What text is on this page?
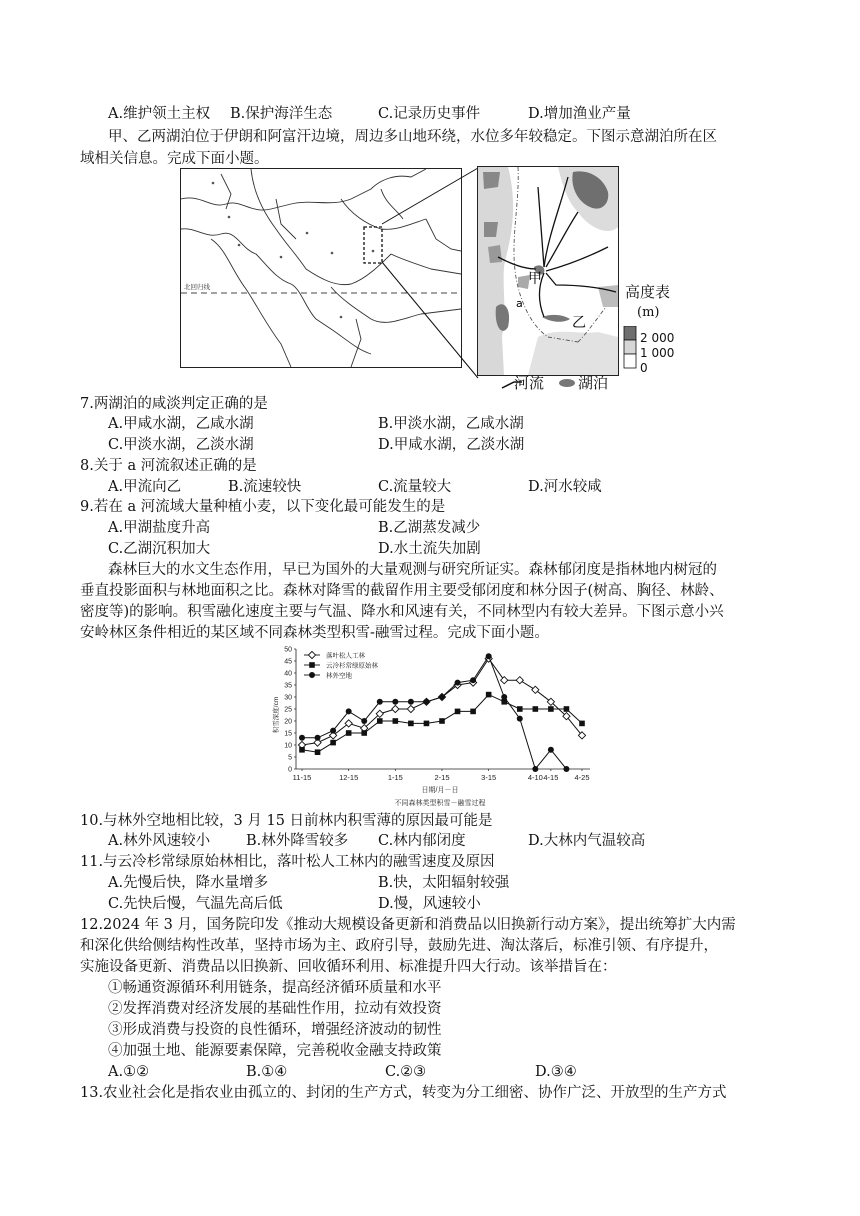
A.维护领土主权 B.保护海洋生态	C.记录历史事件	D.增加渔业产量
甲、乙两湖泊位于伊朗和阿富汗边境，周边多山地环绕，水位多年较稳定。下图示意湖泊所在区
域相关信息。完成下面小题。
北回归线	甲
乙
a
高度表
(m)
2 000
1 000
0
河流 湖泊
7.两湖泊的咸淡判定正确的是
A.甲咸水湖，乙咸水湖	B.甲淡水湖，乙咸水湖
C.甲淡水湖，乙淡水湖	D.甲咸水湖，乙淡水湖
8.关于 a 河流叙述正确的是
A.甲流向乙	B.流速较快	C.流量较大	D.河水较咸
9.若在 a 河流域大量种植小麦，以下变化最可能发生的是
A.甲湖盐度升高	B.乙湖蒸发减少
C.乙湖沉积加大	D.水土流失加剧
森林巨大的水文生态作用，早已为国外的大量观测与研究所证实。森林郁闭度是指林地内树冠的
垂直投影面积与林地面积之比。森林对降雪的截留作用主要受郁闭度和林分因子(树高、胸径、林龄、
密度等)的影响。积雪融化速度主要与气温、降水和风速有关，不同林型内有较大差异。下图示意小兴
安岭林区条件相近的某区域不同森林类型积雪-融雪过程。完成下面小题。
0
5
10
15
20
25
30
35
40
45
50
11-15	12-15	1-15	2-15	3-15	4-10 4-15 4-25
积雪深度/cm
日期/月－日
不同森林类型积雪－融雪过程
落叶松人工林
云冷杉常绿原始林
林外空地
10.与林外空地相比较，3 月 15 日前林内积雪薄的原因最可能是
A.林外风速较小 B.林外降雪较多 C.林内郁闭度	D.大林内气温较高
11.与云冷杉常绿原始林相比，落叶松人工林内的融雪速度及原因
A.先慢后快，降水量增多	B.快，太阳辐射较强
C.先快后慢，气温先高后低	D.慢，风速较小
12.2024 年 3 月，国务院印发《推动大规模设备更新和消费品以旧换新行动方案》，提出统筹扩大内需
和深化供给侧结构性改革，坚持市场为主、政府引导，鼓励先进、淘汰落后，标准引领、有序提升，
实施设备更新、消费品以旧换新、回收循环利用、标准提升四大行动。该举措旨在：
①畅通资源循环利用链条，提高经济循环质量和水平
②发挥消费对经济发展的基础性作用，拉动有效投资
③形成消费与投资的良性循环，增强经济波动的韧性
④加强土地、能源要素保障，完善税收金融支持政策
A.①②	B.①④	C.②③	D.③④
13.农业社会化是指农业由孤立的、封闭的生产方式，转变为分工细密、协作广泛、开放型的生产方式
